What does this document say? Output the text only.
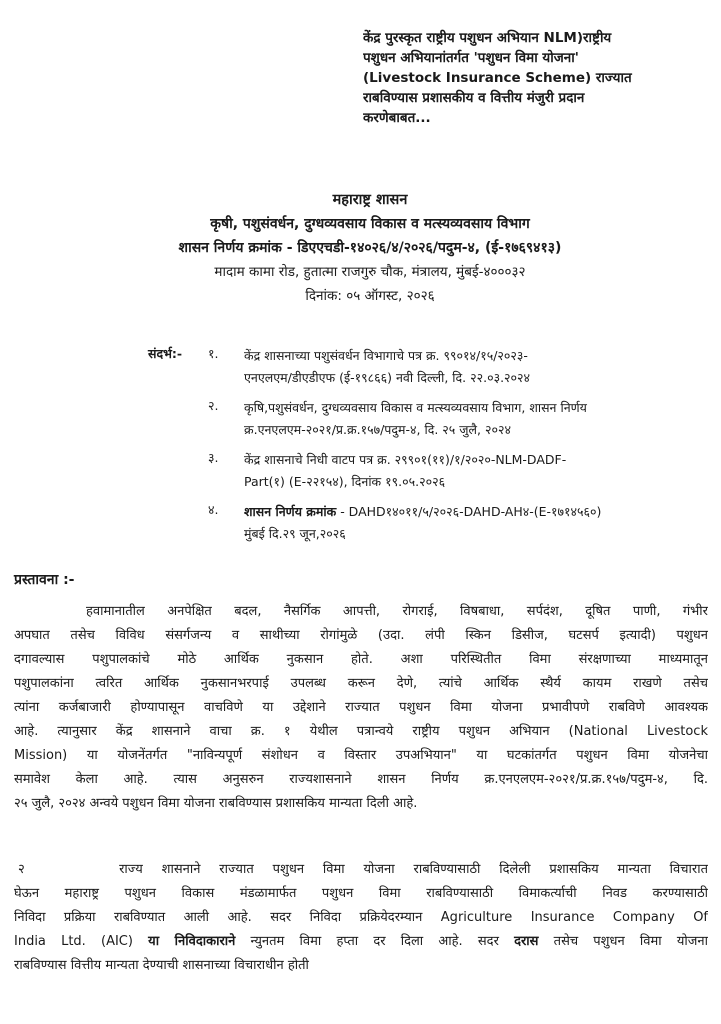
केंद्र पुरस्कृत राष्ट्रीय पशुधन अभियान NLM)राष्ट्रीय
पशुधन अभियानांतर्गत 'पशुधन विमा योजना'
(Livestock Insurance Scheme) राज्यात
राबविण्यास प्रशासकीय व वित्तीय मंजुरी प्रदान
करणेबाबत...
महाराष्ट्र शासन
कृषी, पशुसंवर्धन, दुग्धव्यवसाय विकास व मत्स्यव्यवसाय विभाग
शासन निर्णय क्रमांक - डिएएचडी-१४०२६/४/२०२६/पदुम-४, (ई-१७६९४१३)
मादाम कामा रोड, हुतात्मा राजगुरु चौक, मंत्रालय, मुंबई-४०००३२
दिनांक: ०५ ऑगस्ट, २०२६
संदर्भ:- १.	केंद्र शासनाच्या पशुसंवर्धन विभागाचे पत्र क्र. ९९०१४/१५/२०२३-
एनएलएम/डीएडीएफ (ई-१९८६६) नवी दिल्ली, दि. २२.०३.२०२४
२.	कृषि,पशुसंवर्धन, दुग्धव्यवसाय विकास व मत्स्यव्यवसाय विभाग, शासन निर्णय
क्र.एनएलएम-२०२१/प्र.क्र.१५७/पदुम-४, दि. २५ जुलै, २०२४
३.	केंद्र शासनाचे निधी वाटप पत्र क्र. २९९०१(११)/१/२०२०-NLM-DADF-
Part(१) (E-२२१५४), दिनांक १९.०५.२०२६
४.	शासन निर्णय क्रमांक - DAHD१४०११/५/२०२६-DAHD-AH४-(E-१७१४५६०)
मुंबई दि.२९ जून,२०२६
प्रस्तावना :-
हवामानातील अनपेक्षित बदल, नैसर्गिक आपत्ती, रोगराई, विषबाधा, सर्पदंश, दूषित पाणी, गंभीर
अपघात तसेच विविध संसर्गजन्य व साथीच्या रोगांमुळे (उदा. लंपी स्किन डिसीज, घटसर्प इत्यादी) पशुधन
दगावल्यास पशुपालकांचे मोठे आर्थिक नुकसान होते. अशा परिस्थितीत विमा संरक्षणाच्या माध्यमातून
पशुपालकांना त्वरित आर्थिक नुकसानभरपाई उपलब्ध करून देणे, त्यांचे आर्थिक स्थैर्य कायम राखणे तसेच
त्यांना कर्जबाजारी होण्यापासून वाचविणे या उद्देशाने राज्यात पशुधन विमा योजना प्रभावीपणे राबविणे आवश्यक
आहे. त्यानुसार केंद्र शासनाने वाचा क्र. १ येथील पत्रान्वये राष्ट्रीय पशुधन अभियान (National Livestock
Mission) या योजनेंतर्गत "नाविन्यपूर्ण संशोधन व विस्तार उपअभियान" या घटकांतर्गत पशुधन विमा योजनेचा
समावेश केला आहे. त्यास अनुसरुन राज्यशासनाने शासन निर्णय क्र.एनएलएम-२०२१/प्र.क्र.१५७/पदुम-४, दि.
२५ जुलै, २०२४ अन्वये पशुधन विमा योजना राबविण्यास प्रशासकिय मान्यता दिली आहे.
२     राज्य शासनाने राज्यात पशुधन विमा योजना राबविण्यासाठी दिलेली प्रशासकिय मान्यता विचारात
घेऊन महाराष्ट्र पशुधन विकास मंडळामार्फत पशुधन विमा राबविण्यासाठी विमाकर्त्याची निवड करण्यासाठी
निविदा प्रक्रिया राबविण्यात आली आहे. सदर निविदा प्रक्रियेदरम्यान Agriculture Insurance Company Of
India Ltd. (AIC) या निविदाकाराने न्युनतम विमा हप्ता दर दिला आहे. सदर दरास तसेच पशुधन विमा योजना
राबविण्यास वित्तीय मान्यता देण्याची शासनाच्या विचाराधीन होती
